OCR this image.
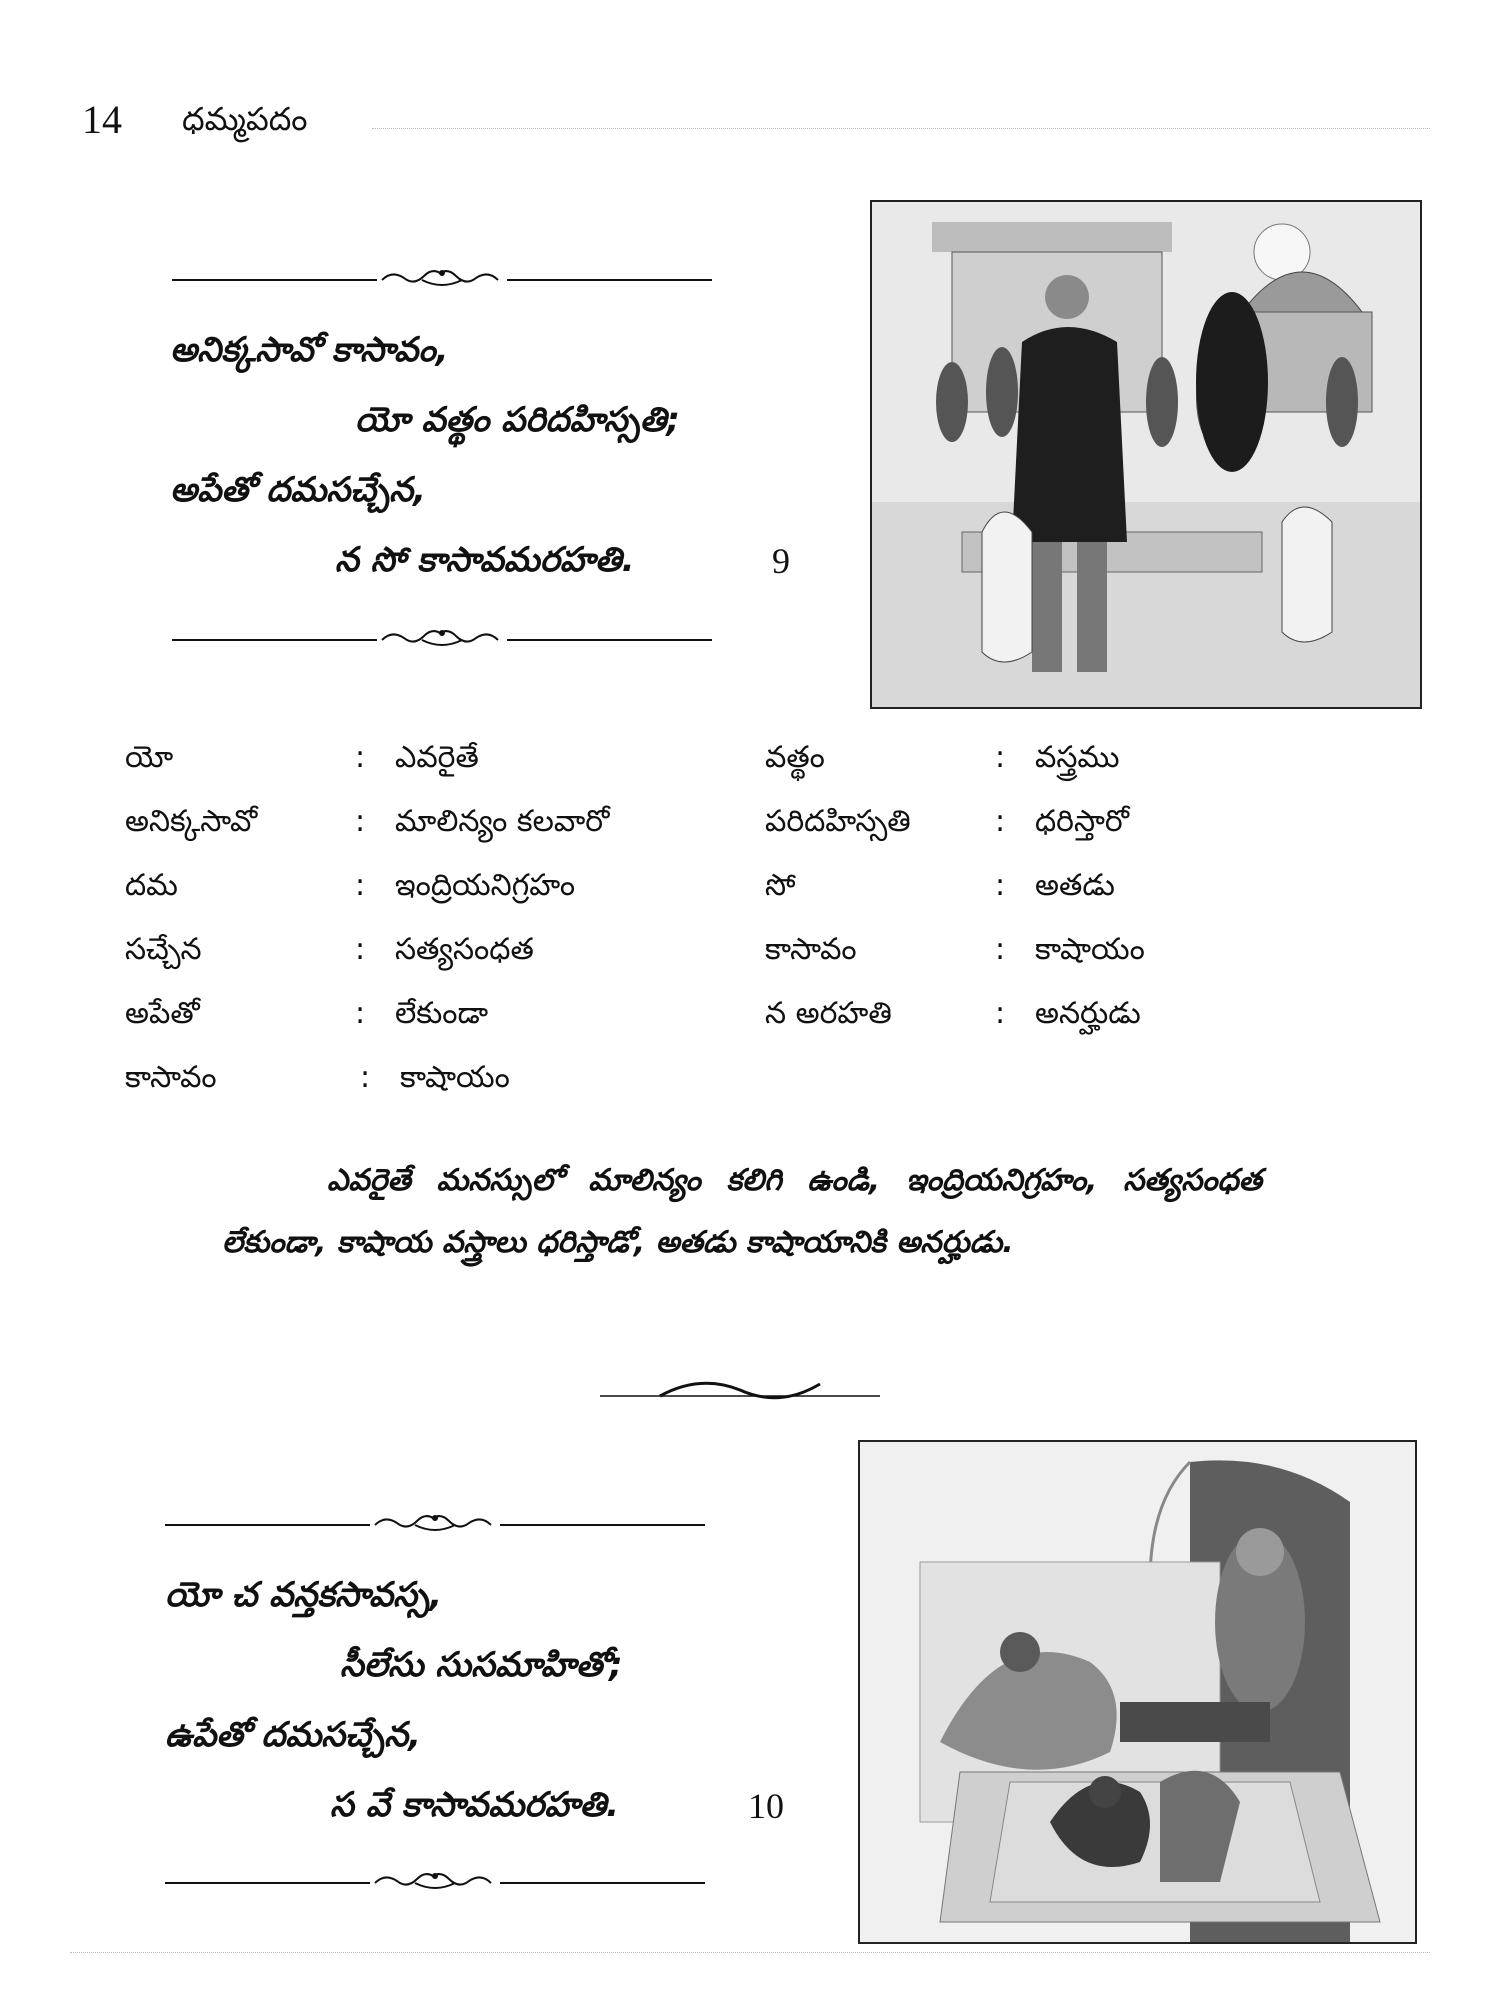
14 ధమ్మపదం
అనిక్కసావో కాసావం,
యో వత్థం పరిదహిస్సతి;
అపేతో దమసచ్చేన,
న సో కాసావమరహతి.	9
యో	: ఎవరైతే	వత్థం	: వస్త్రము
అనిక్కసావో	: మాలిన్యం కలవారో	పరిదహిస్సతి	: ధరిస్తారో
దమ	: ఇంద్రియనిగ్రహం	సో	: అతడు
సచ్చేన	: సత్యసంధత	కాసావం	: కాషాయం
అపేతో	: లేకుండా	న అరహతి	: అనర్హుడు
కాసావం	: కాషాయం
ఎవరైతే మనస్సులో మాలిన్యం కలిగి ఉండి, ఇంద్రియనిగ్రహం, సత్యసంధత లేకుండా, కాషాయ వస్త్రాలు ధరిస్తాడో, అతడు కాషాయానికి అనర్హుడు.
యో చ వన్తకసావస్స,
సీలేసు సుసమాహితో;
ఉపేతో దమసచ్చేన,
స వే కాసావమరహతి.	10
